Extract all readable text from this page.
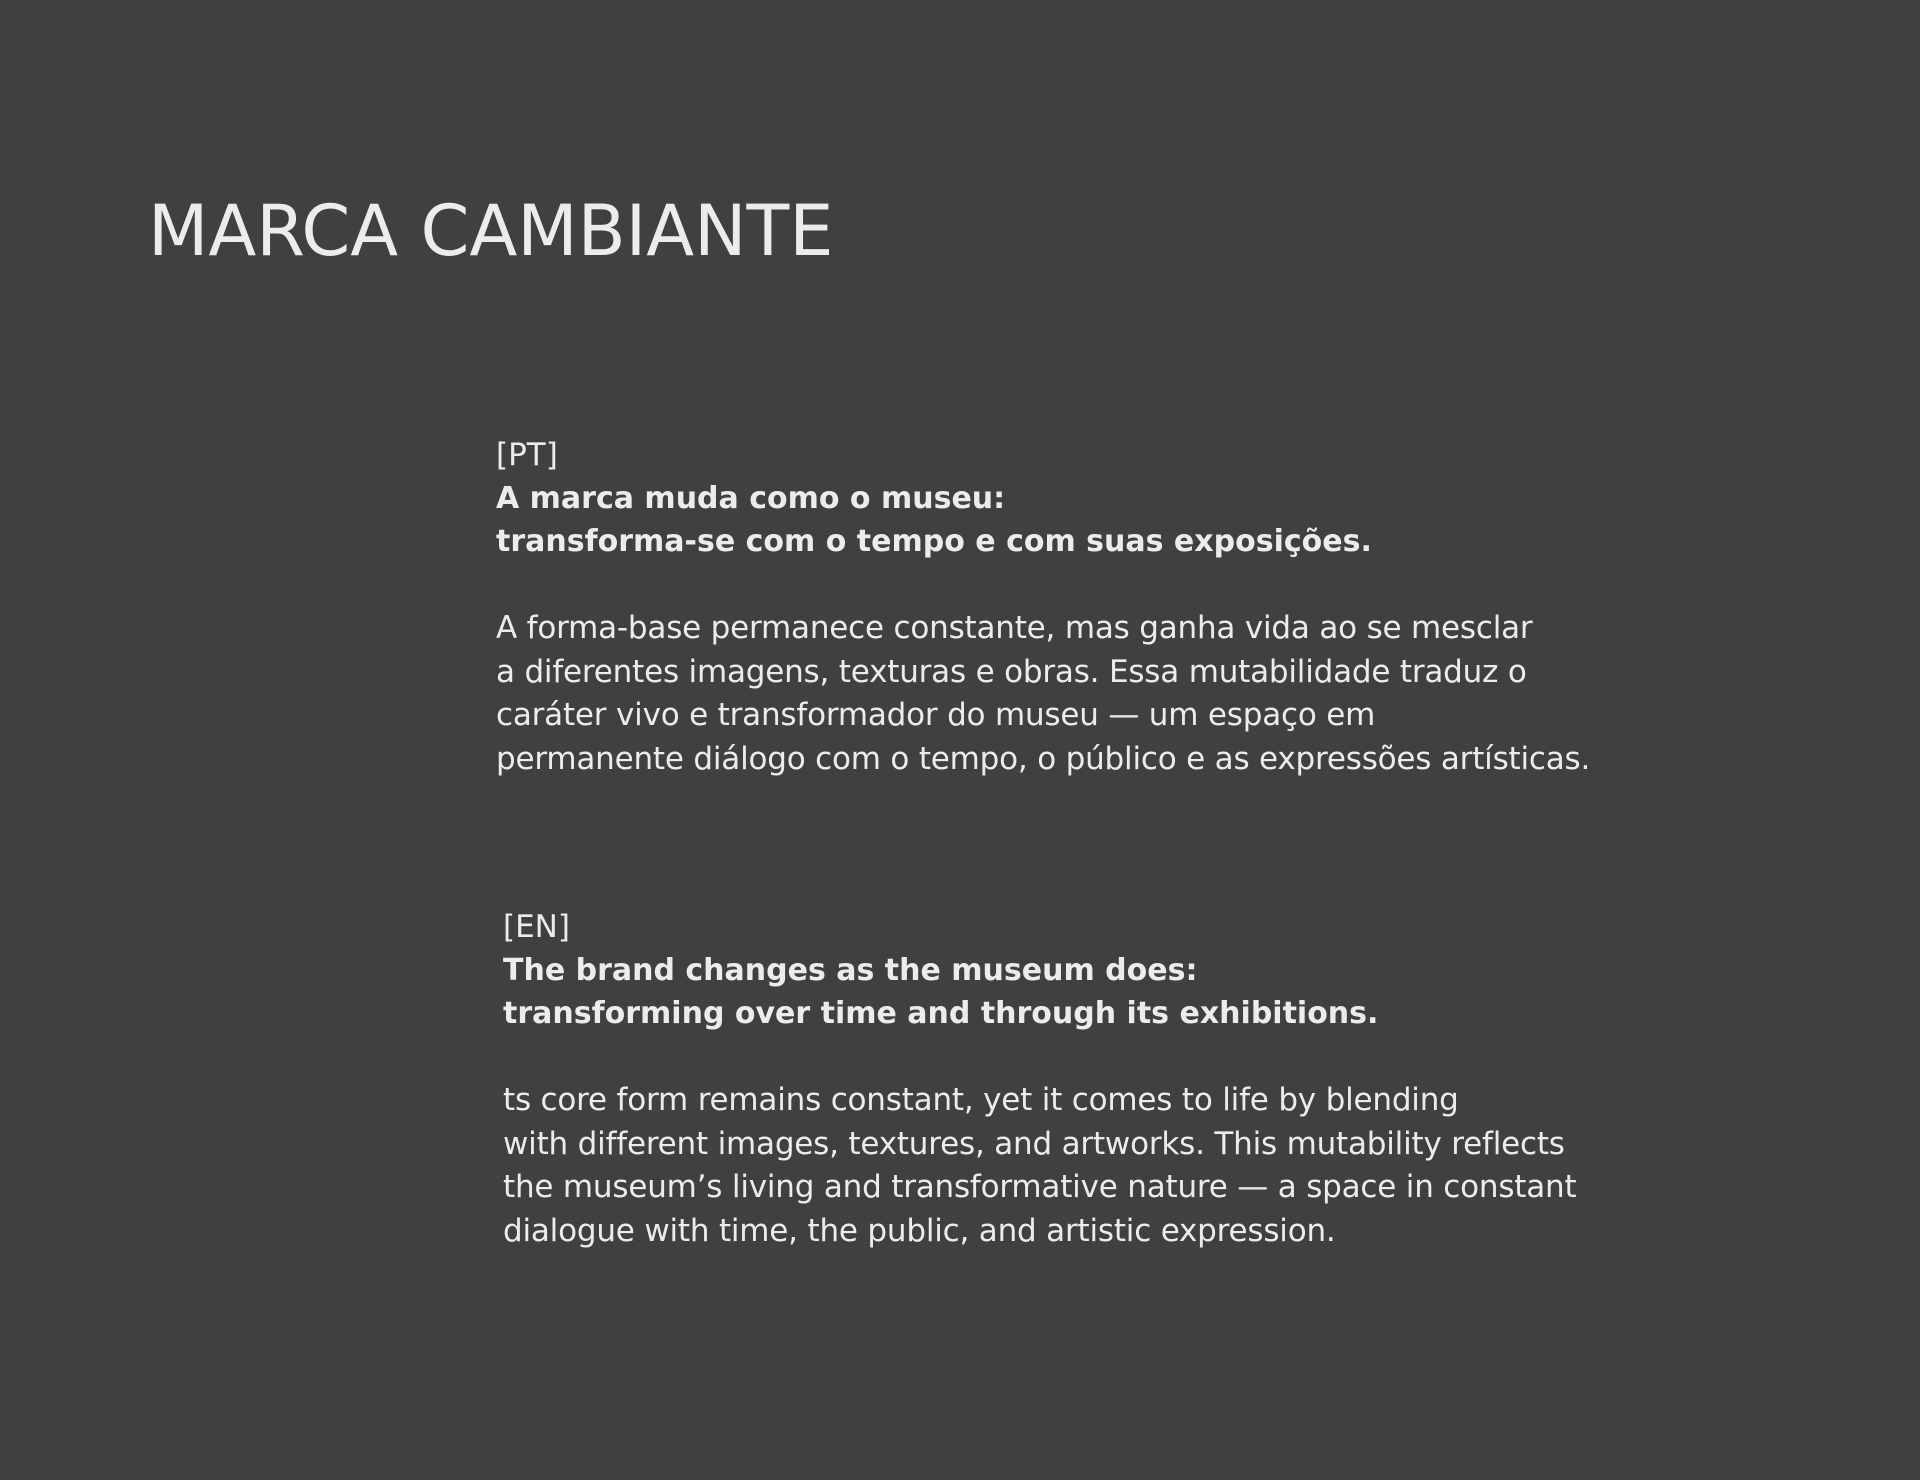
MARCA CAMBIANTE

[PT]

A marca muda como o museu:
transforma-se com o tempo e com suas exposições.

A forma-base permanece constante, mas ganha vida ao se mesclar
a diferentes imagens, texturas e obras. Essa mutabilidade traduz o
caráter vivo e transformador do museu — um espaço em
permanente diálogo com o tempo, o público e as expressões artísticas.

[EN]

The brand changes as the museum does:
transforming over time and through its exhibitions.

ts core form remains constant, yet it comes to life by blending
with different images, textures, and artworks. This mutability reflects
the museum’s living and transformative nature — a space in constant
dialogue with time, the public, and artistic expression.
